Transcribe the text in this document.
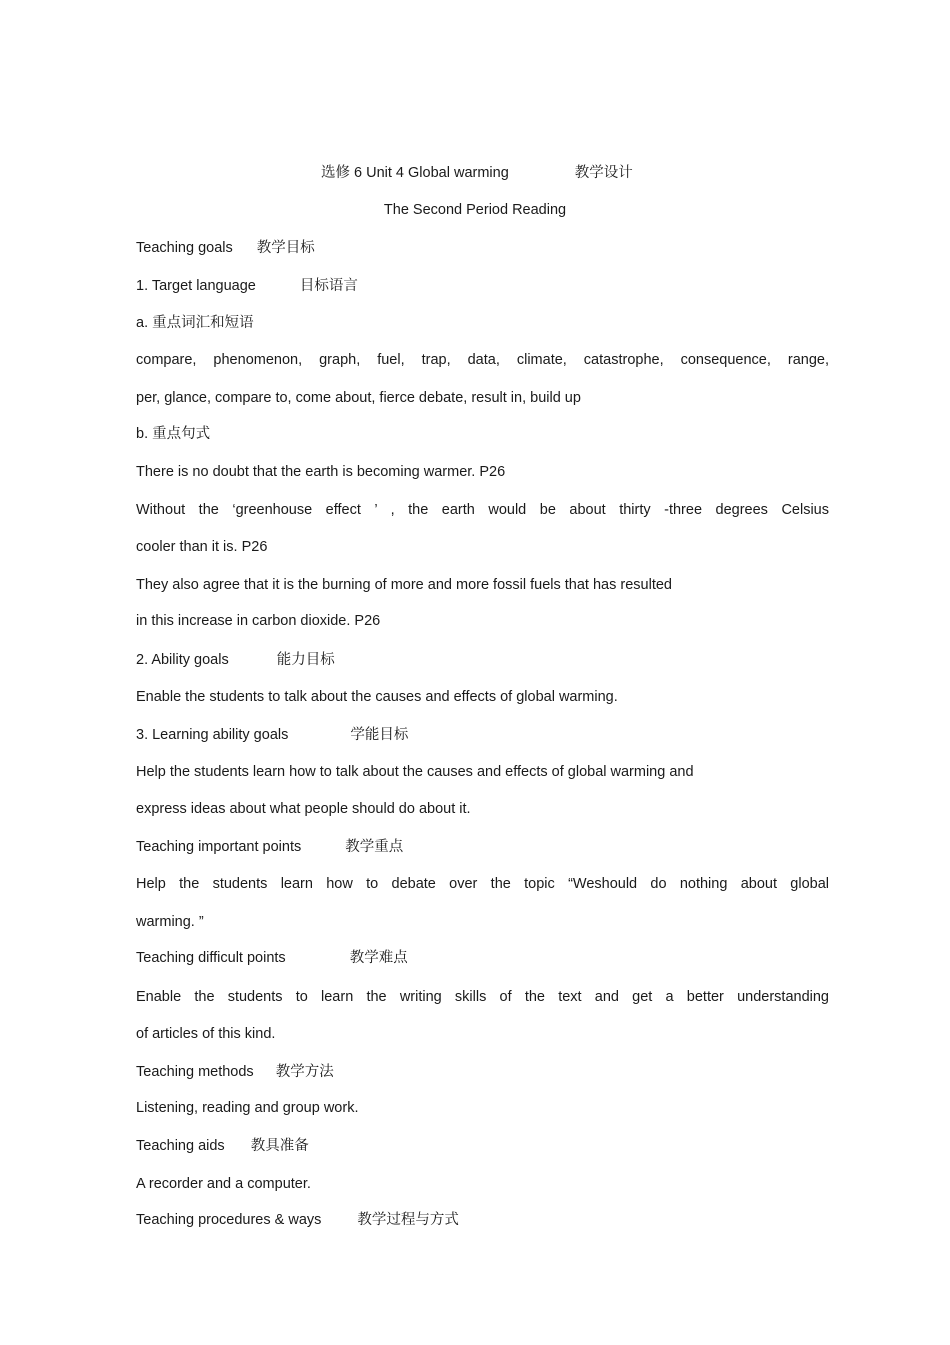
选修 6 Unit 4 Global warming	教学设计
The Second Period Reading
Teaching goals 教学目标
1. Target language	目标语言
a. 重点词汇和短语
compare, phenomenon, graph, fuel, trap, data, climate, catastrophe, consequence, range,
per, glance, compare to, come about, fierce debate, result in, build up
b. 重点句式
There is no doubt that the earth is becoming warmer. P26
Without the ‘greenhouse effect ’ , the earth would be about thirty -three degrees Celsius
cooler than it is. P26
They also agree that it is the burning of more and more fossil fuels that has resulted
in this increase in carbon dioxide. P26
2. Ability goals	能力目标
Enable the students to talk about the causes and effects of global warming.
3. Learning ability goals	学能目标
Help the students learn how to talk about the causes and effects of global warming and
express ideas about what people should do about it.
Teaching important points	教学重点
Help the students learn how to debate over the topic “Weshould do nothing about global
warming. ”
Teaching difficult points	教学难点
Enable the students to learn the writing skills of the text and get a better understanding
of articles of this kind.
Teaching methods 教学方法
Listening, reading and group work.
Teaching aids 教具准备
A recorder and a computer.
Teaching procedures & ways 教学过程与方式
